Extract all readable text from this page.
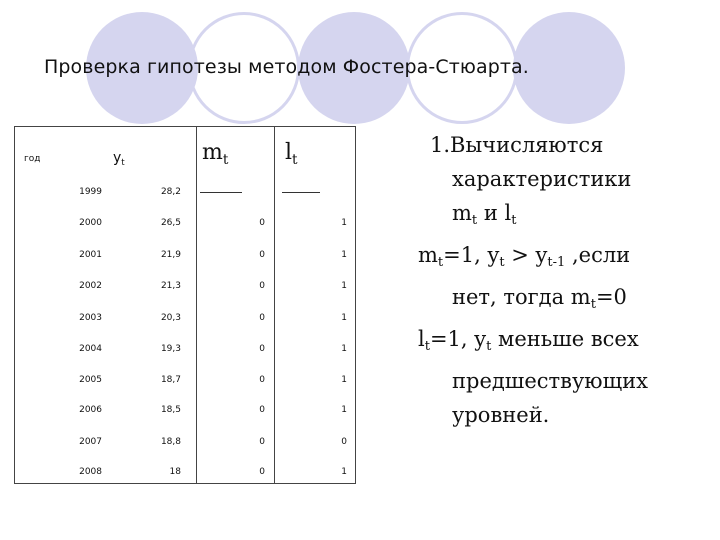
Проверка гипотезы методом Фостера-Стюарта.
год	$y_t$	$m_t$	$l_t$
1999	28,2
2000	26,5	0	1
2001	21,9	0	1
2002	21,3	0	1
2003	20,3	0	1
2004	19,3	0	1
2005	18,7	0	1
2006	18,5	0	1
2007	18,8	0	0
2008	18	0	1
1.Вычисляются
характеристики
mt и lt
mt=1, yt > yt-1 ,если
нет, тогда mt=0
lt=1, yt меньше всех
предшествующих
уровней.
